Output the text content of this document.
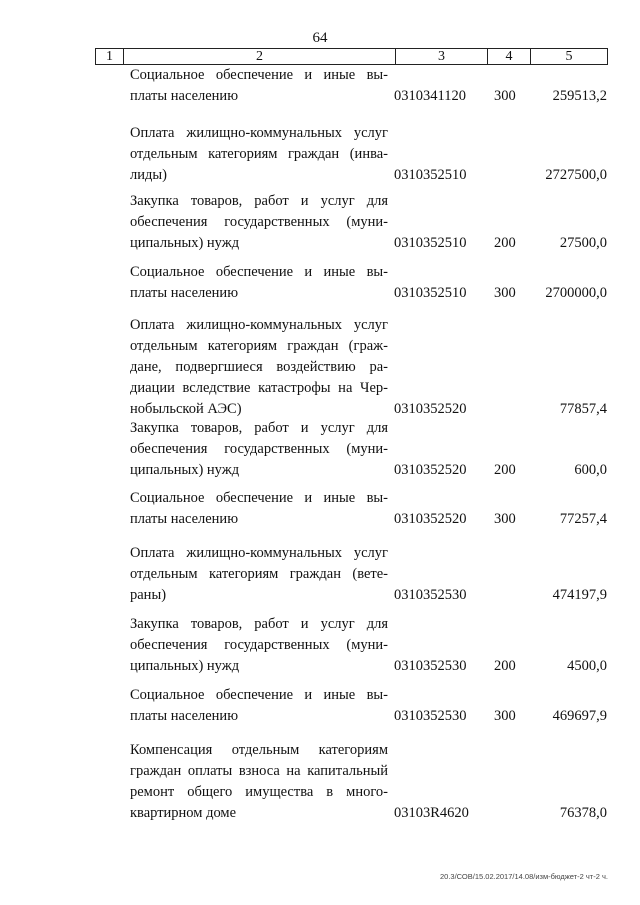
64
1	2	3	4	5
Социальное обеспечение и иные вы-
платы населению	0310341120 300	259513,2
Оплата жилищно-коммунальных услуг
отдельным категориям граждан (инва-
лиды)	0310352510	2727500,0
Закупка товаров, работ и услуг для
обеспечения государственных (муни-
ципальных) нужд	0310352510 200	27500,0
Социальное обеспечение и иные вы-
платы населению	0310352510 300 2700000,0
Оплата жилищно-коммунальных услуг
отдельным категориям граждан (граж-
дане, подвергшиеся воздействию ра-
диации вследствие катастрофы на Чер-
нобыльской АЭС)	0310352520	77857,4
Закупка товаров, работ и услуг для
обеспечения государственных (муни-
ципальных) нужд	0310352520 200	600,0
Социальное обеспечение и иные вы-
платы населению	0310352520 300	77257,4
Оплата жилищно-коммунальных услуг
отдельным категориям граждан (вете-
раны)	0310352530	474197,9
Закупка товаров, работ и услуг для
обеспечения государственных (муни-
ципальных) нужд	0310352530 200	4500,0
Социальное обеспечение и иные вы-
платы населению	0310352530 300	469697,9
Компенсация отдельным категориям
граждан оплаты взноса на капитальный
ремонт общего имущества в много-
квартирном доме	03103R4620	76378,0
20.3/СОВ/15.02.2017/14.08/изм-бюджет-2 чт-2 ч.
